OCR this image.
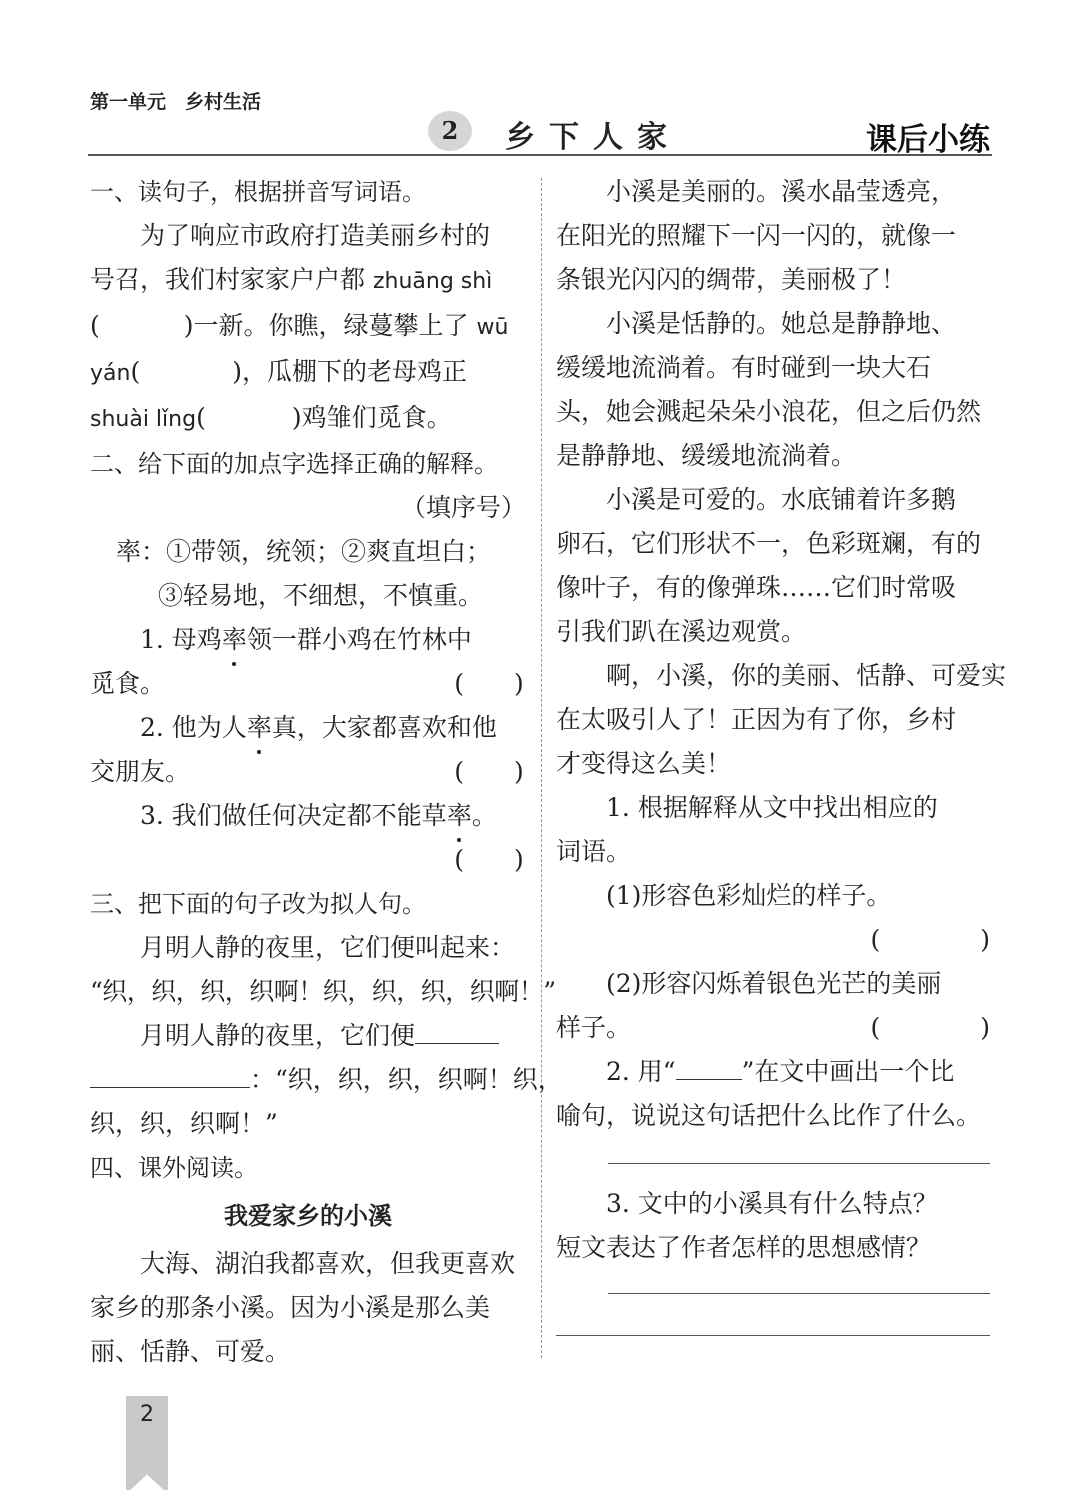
第一单元　乡村生活
2	乡下人家	课后小练

一、读句子，根据拼音写词语。

为了响应市政府打造美丽乡村的

号召，我们村家家户户都 zhuāng shì

(	)一新。你瞧，绿蔓攀上了 wū

yán(	)，瓜棚下的老母鸡正

shuài lǐng(	)鸡雏们觅食。

二、给下面的加点字选择正确的解释。

（填序号）

率：①带领，统领；②爽直坦白；

③轻易地，不细想，不慎重。

1. 母鸡率领一群小鸡在竹林中

觅食。	(　　)

2. 他为人率真，大家都喜欢和他

交朋友。	(　　)

3. 我们做任何决定都不能草率。

(　　)

三、把下面的句子改为拟人句。

月明人静的夜里，它们便叫起来：

“织，织，织，织啊！织，织，织，织啊！”

月明人静的夜里，它们便

：“织，织，织，织啊！织，

织，织，织啊！”

四、课外阅读。

我爱家乡的小溪

大海、湖泊我都喜欢，但我更喜欢

家乡的那条小溪。因为小溪是那么美

丽、恬静、可爱。

小溪是美丽的。溪水晶莹透亮，

在阳光的照耀下一闪一闪的，就像一

条银光闪闪的绸带，美丽极了！

小溪是恬静的。她总是静静地、

缓缓地流淌着。有时碰到一块大石

头，她会溅起朵朵小浪花，但之后仍然

是静静地、缓缓地流淌着。

小溪是可爱的。水底铺着许多鹅

卵石，它们形状不一，色彩斑斓，有的

像叶子，有的像弹珠……它们时常吸

引我们趴在溪边观赏。

啊，小溪，你的美丽、恬静、可爱实

在太吸引人了！正因为有了你，乡村

才变得这么美！

1. 根据解释从文中找出相应的

词语。

(1)形容色彩灿烂的样子。

(　　　　)

(2)形容闪烁着银色光芒的美丽

样子。	(　　　　)

2. 用“	”在文中画出一个比

喻句，说说这句话把什么比作了什么。

3. 文中的小溪具有什么特点？

短文表达了作者怎样的思想感情？

2
